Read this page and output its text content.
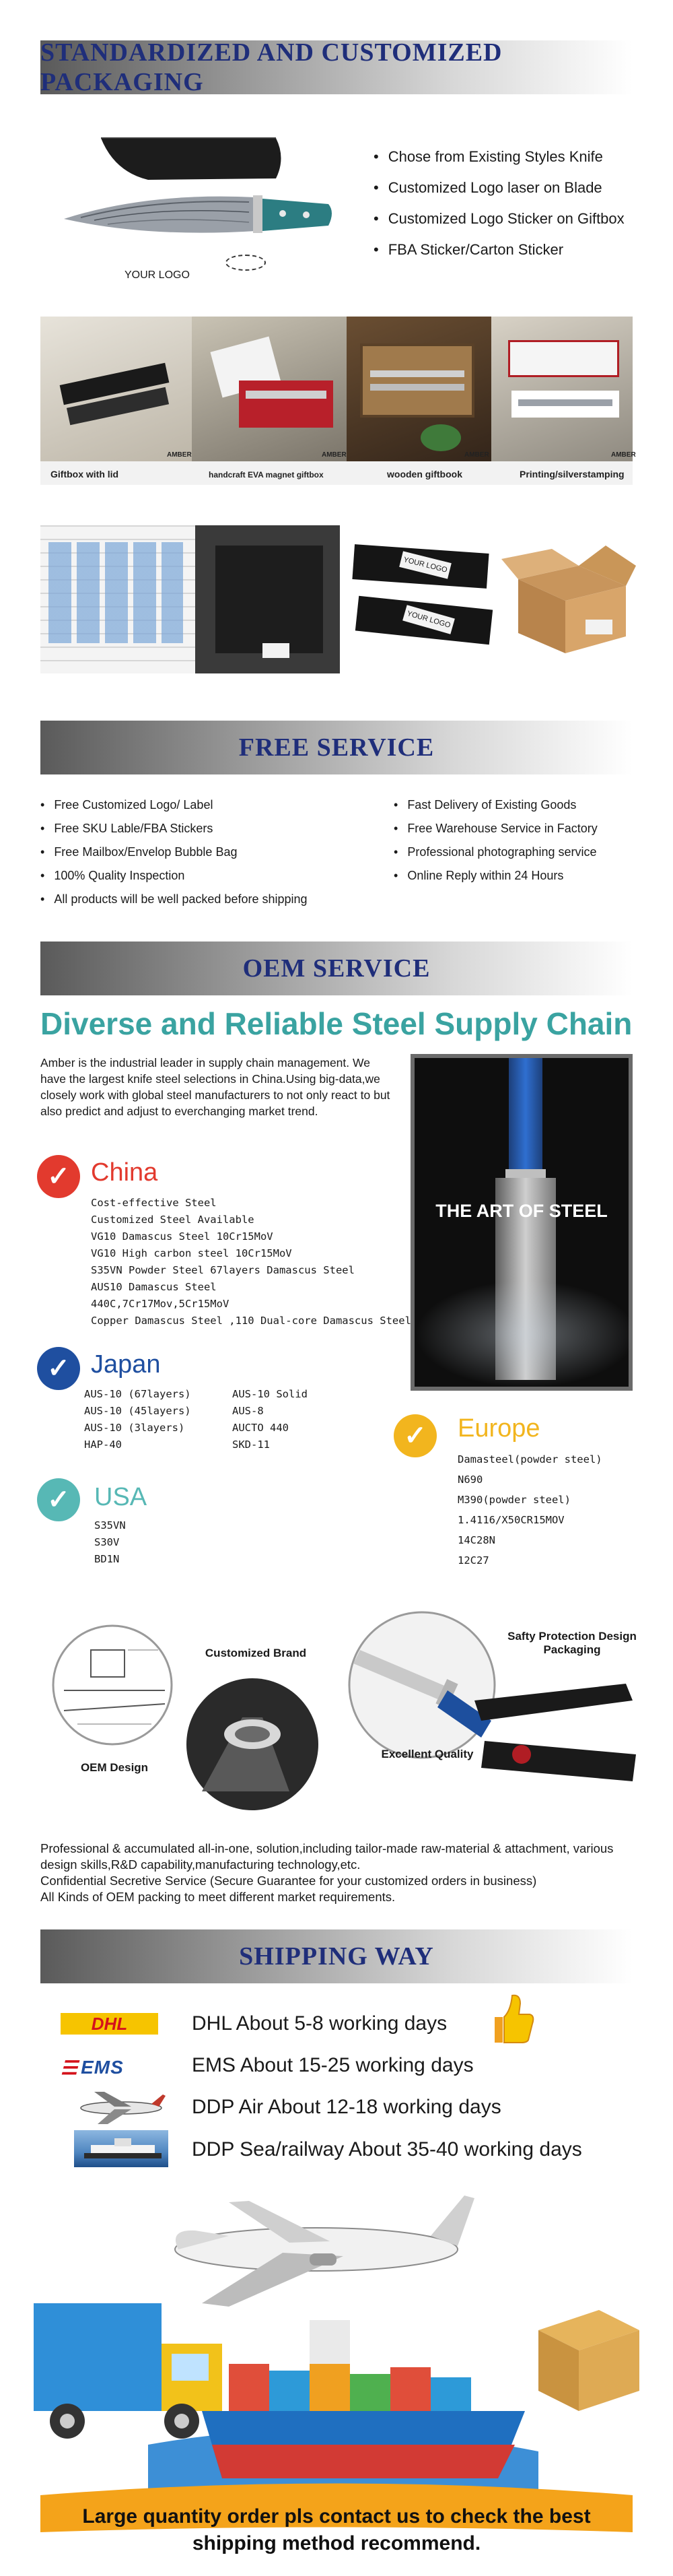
STANDARDIZED AND CUSTOMIZED PACKAGING
YOUR LOGO
• Chose from Existing Styles Knife
• Customized Logo laser on Blade
• Customized Logo Sticker on Giftbox
• FBA Sticker/Carton Sticker
Giftbox with lid	handcraft EVA magnet giftbox	wooden giftbook	Printing/silverstamping
AMBER	AMBER	AMBER	AMBER
YOUR LOGO
YOUR LOGO
FREE SERVICE
• Free Customized Logo/ Label
• Free SKU Lable/FBA Stickers
• Free Mailbox/Envelop Bubble Bag
• 100% Quality Inspection
• All products will be well packed before shipping
• Fast Delivery of Existing Goods
• Free Warehouse Service in Factory
• Professional photographing service
• Online Reply within 24 Hours
OEM SERVICE
Diverse and Reliable Steel Supply Chain
Amber is the industrial leader in supply chain management. We have the largest knife steel selections in China.Using big-data,we closely work with global steel manufacturers to not only react to but also predict and adjust to everchanging market trend.
THE ART OF STEEL
✓ China
Cost-effective Steel
Customized Steel Available
VG10 Damascus Steel 10Cr15MoV
VG10 High carbon steel 10Cr15MoV
S35VN Powder Steel 67layers Damascus Steel
AUS10 Damascus Steel
440C,7Cr17Mov,5Cr15MoV
Copper Damascus Steel ,110 Dual-core Damascus Steel
✓ Japan
AUS-10 (67layers)
AUS-10 (45layers)
AUS-10 (3layers)
HAP-40
AUS-10 Solid
AUS-8
AUCTO 440
SKD-11	✓	Europe
Damasteel(powder steel)
N690
M390(powder steel)
1.4116/X50CR15MOV
14C28N
12C27
✓ USA
S35VN
S30V
BD1N
Customized Brand
Safty Protection Design Packaging
OEM Design
Excellent Quality
Professional & accumulated all-in-one, solution,including tailor-made raw-material & attachment, various design skills,R&D capability,manufacturing technology,etc.
Confidential Secretive Service (Secure Guarantee for your customized orders in business)
All Kinds of OEM packing to meet different market requirements.
SHIPPING WAY
DHL	DHL About 5-8 working days
☰ EMS	EMS About 15-25 working days
DDP Air About 12-18 working days
DDP Sea/railway About 35-40 working days
Large quantity order pls contact us to check the best
shipping method recommend.
